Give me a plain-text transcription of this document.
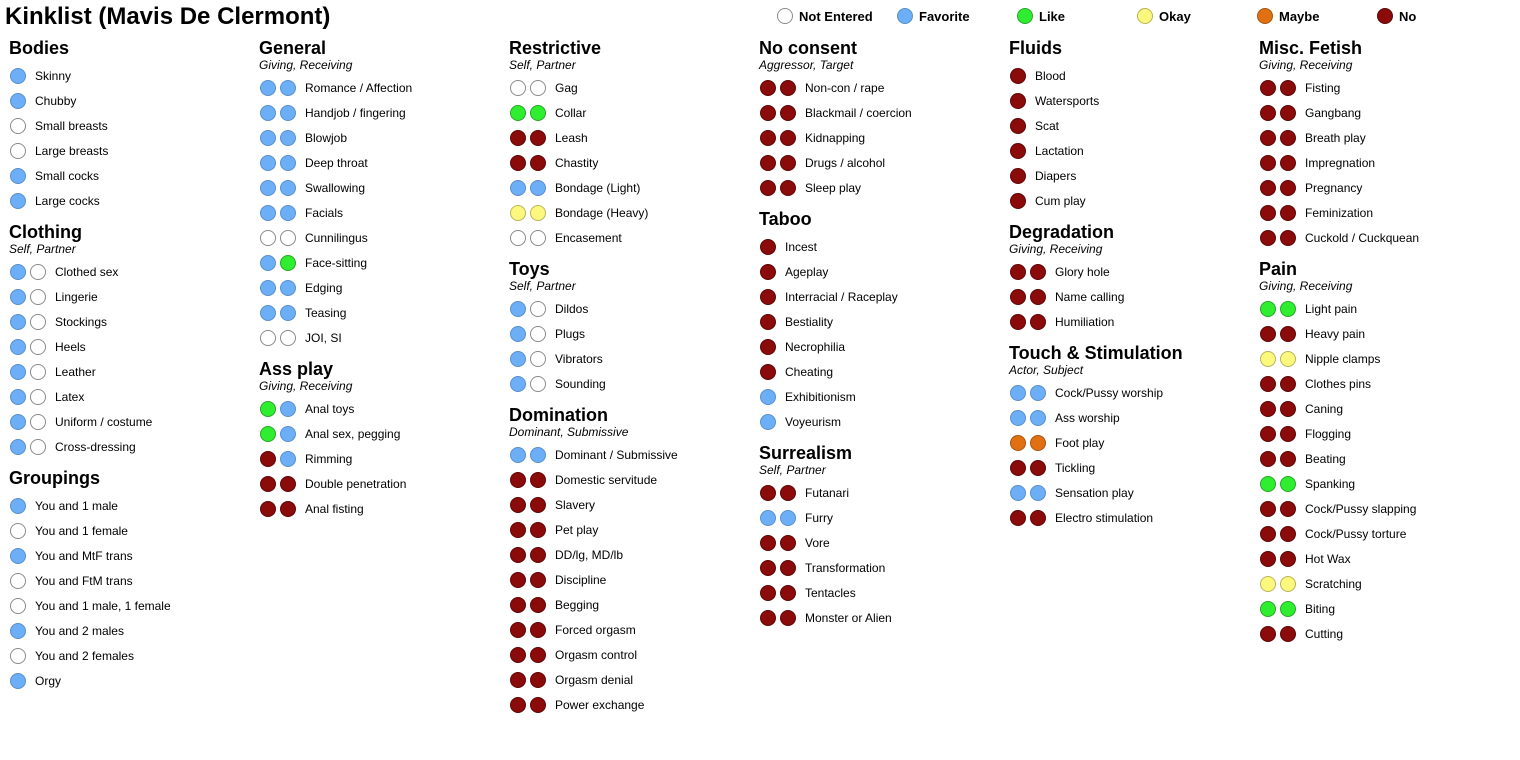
Kinklist (Mavis De Clermont)	Not Entered	Favorite	Like	Okay	Maybe	No
Bodies
Skinny
Chubby
Small breasts
Large breasts
Small cocks
Large cocks
Clothing
Self, Partner
Clothed sex
Lingerie
Stockings
Heels
Leather
Latex
Uniform / costume
Cross-dressing
Groupings
You and 1 male
You and 1 female
You and MtF trans
You and FtM trans
You and 1 male, 1 female
You and 2 males
You and 2 females
Orgy
General
Giving, Receiving
Romance / Affection
Handjob / fingering
Blowjob
Deep throat
Swallowing
Facials
Cunnilingus
Face-sitting
Edging
Teasing
JOI, SI
Ass play
Giving, Receiving
Anal toys
Anal sex, pegging
Rimming
Double penetration
Anal fisting
Restrictive
Self, Partner
Gag
Collar
Leash
Chastity
Bondage (Light)
Bondage (Heavy)
Encasement
Toys
Self, Partner
Dildos
Plugs
Vibrators
Sounding
Domination
Dominant, Submissive
Dominant / Submissive
Domestic servitude
Slavery
Pet play
DD/lg, MD/lb
Discipline
Begging
Forced orgasm
Orgasm control
Orgasm denial
Power exchange
No consent
Aggressor, Target
Non-con / rape
Blackmail / coercion
Kidnapping
Drugs / alcohol
Sleep play
Taboo
Incest
Ageplay
Interracial / Raceplay
Bestiality
Necrophilia
Cheating
Exhibitionism
Voyeurism
Surrealism
Self, Partner
Futanari
Furry
Vore
Transformation
Tentacles
Monster or Alien
Fluids
Blood
Watersports
Scat
Lactation
Diapers
Cum play
Degradation
Giving, Receiving
Glory hole
Name calling
Humiliation
Touch & Stimulation
Actor, Subject
Cock/Pussy worship
Ass worship
Foot play
Tickling
Sensation play
Electro stimulation
Misc. Fetish
Giving, Receiving
Fisting
Gangbang
Breath play
Impregnation
Pregnancy
Feminization
Cuckold / Cuckquean
Pain
Giving, Receiving
Light pain
Heavy pain
Nipple clamps
Clothes pins
Caning
Flogging
Beating
Spanking
Cock/Pussy slapping
Cock/Pussy torture
Hot Wax
Scratching
Biting
Cutting
